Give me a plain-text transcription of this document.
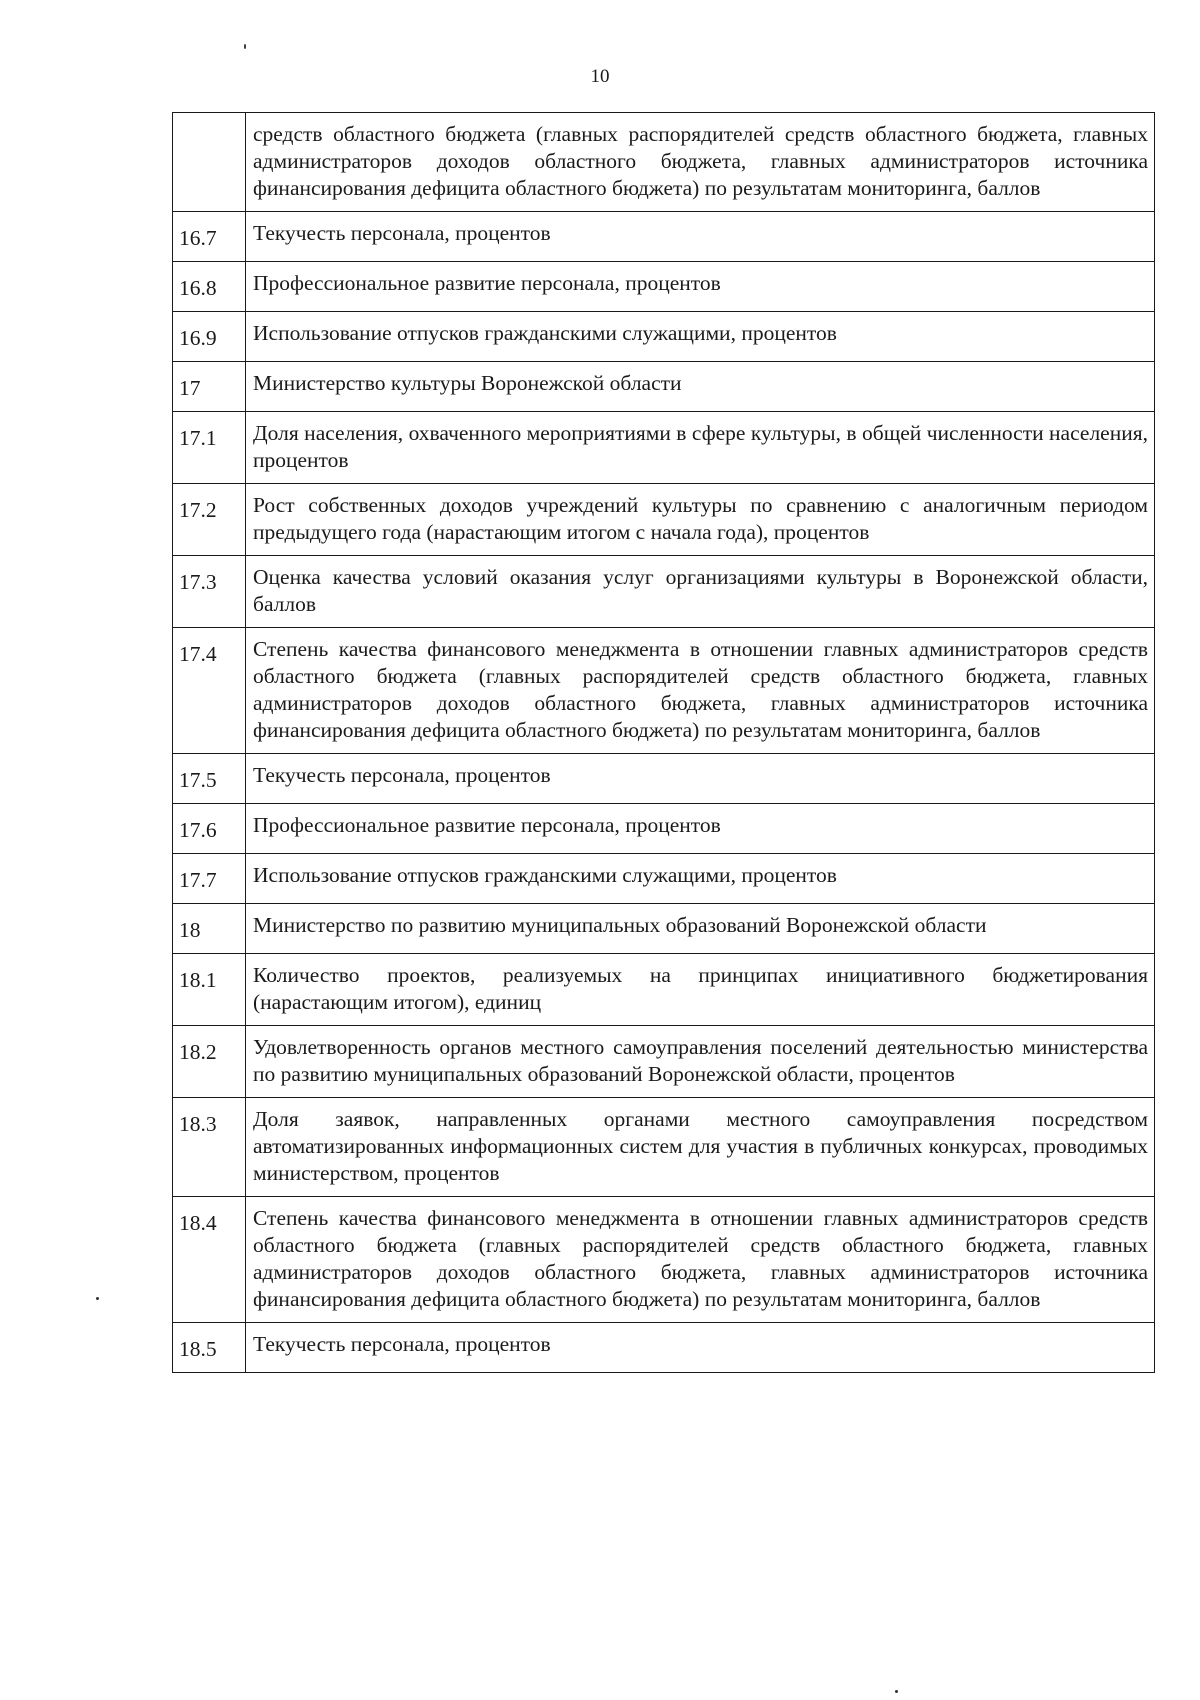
10
	средств областного бюджета (главных распорядителей средств областного бюджета, главных администраторов доходов областного бюджета, главных администраторов источника финансирования дефицита областного бюджета) по результатам мониторинга, баллов
16.7	Текучесть персонала, процентов
16.8	Профессиональное развитие персонала, процентов
16.9	Использование отпусков гражданскими служащими, процентов
17	Министерство культуры Воронежской области
17.1	Доля населения, охваченного мероприятиями в сфере культуры, в общей численности населения, процентов
17.2	Рост собственных доходов учреждений культуры по сравнению с аналогичным периодом предыдущего года (нарастающим итогом с начала года), процентов
17.3	Оценка качества условий оказания услуг организациями культуры в Воронежской области, баллов
17.4	Степень качества финансового менеджмента в отношении главных администраторов средств областного бюджета (главных распорядителей средств областного бюджета, главных администраторов доходов областного бюджета, главных администраторов источника финансирования дефицита областного бюджета) по результатам мониторинга, баллов
17.5	Текучесть персонала, процентов
17.6	Профессиональное развитие персонала, процентов
17.7	Использование отпусков гражданскими служащими, процентов
18	Министерство по развитию муниципальных образований Воронежской области
18.1	Количество проектов, реализуемых на принципах инициативного бюджетирования (нарастающим итогом), единиц
18.2	Удовлетворенность органов местного самоуправления поселений деятельностью министерства по развитию муниципальных образований Воронежской области, процентов
18.3	Доля заявок, направленных органами местного самоуправления посредством автоматизированных информационных систем для участия в публичных конкурсах, проводимых министерством, процентов
18.4	Степень качества финансового менеджмента в отношении главных администраторов средств областного бюджета (главных распорядителей средств областного бюджета, главных администраторов доходов областного бюджета, главных администраторов источника финансирования дефицита областного бюджета) по результатам мониторинга, баллов
18.5	Текучесть персонала, процентов
